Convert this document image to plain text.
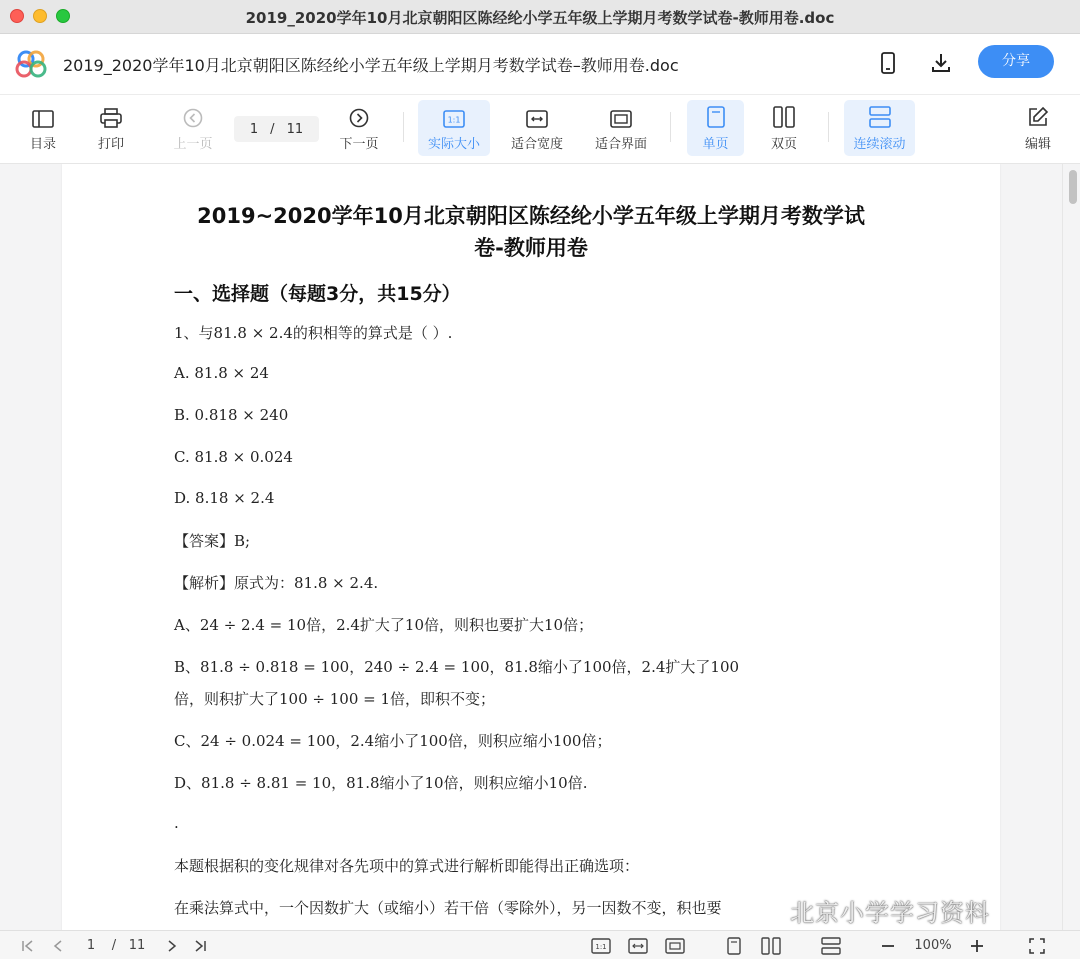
2019_2020学年10月北京朝阳区陈经纶小学五年级上学期月考数学试卷-教师用卷.doc
2019_2020学年10月北京朝阳区陈经纶小学五年级上学期月考数学试卷–教师用卷.doc	分享
目录	打印	上一页
1 / 11
下一页
1:1
实际大小 适合宽度 适合界面	单页	双页	连续滚动	编辑
2019~2020学年10月北京朝阳区陈经纶小学五年级上学期月考数学试
卷-教师用卷
一、选择题（每题3分，共15分）
1、与81.8 × 2.4的积相等的算式是（ ）.
A. 81.8 × 24
B. 0.818 × 240
C. 81.8 × 0.024
D. 8.18 × 2.4
【答案】B;
【解析】原式为：81.8 × 2.4.
A、24 ÷ 2.4 = 10倍，2.4扩大了10倍，则积也要扩大10倍；
B、81.8 ÷ 0.818 = 100，240 ÷ 2.4 = 100，81.8缩小了100倍，2.4扩大了100
倍，则积扩大了100 ÷ 100 = 1倍，即积不变；
C、24 ÷ 0.024 = 100，2.4缩小了100倍，则积应缩小100倍；
D、81.8 ÷ 8.81 = 10，81.8缩小了10倍，则积应缩小10倍.
.
本题根据积的变化规律对各先项中的算式进行解析即能得出正确选项：
在乘法算式中，一个因数扩大（或缩小）若干倍（零除外），另一因数不变，积也要	北京小学学习资料
1 / 11	1:1	100%
